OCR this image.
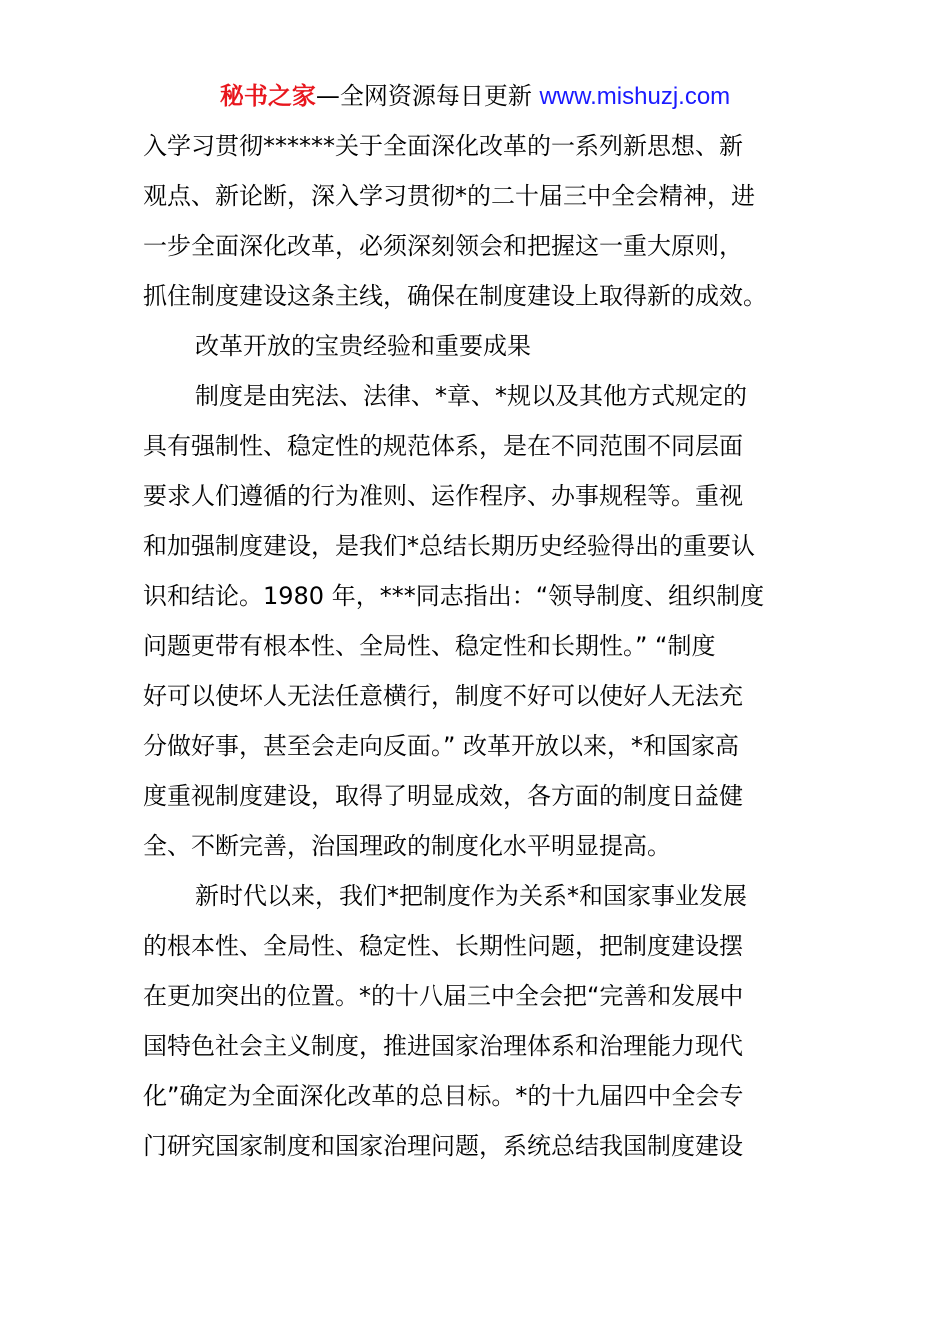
秘书之家—全网资源每日更新 www.mishuzj.com
入学习贯彻******关于全面深化改革的一系列新思想、新
观点、新论断，深入学习贯彻*的二十届三中全会精神，进
一步全面深化改革，必须深刻领会和把握这一重大原则，
抓住制度建设这条主线，确保在制度建设上取得新的成效。
改革开放的宝贵经验和重要成果
制度是由宪法、法律、*章、*规以及其他方式规定的
具有强制性、稳定性的规范体系，是在不同范围不同层面
要求人们遵循的行为准则、运作程序、办事规程等。重视
和加强制度建设，是我们*总结长期历史经验得出的重要认
识和结论。1980 年，***同志指出：“领导制度、组织制度
问题更带有根本性、全局性、稳定性和长期性。” “制度
好可以使坏人无法任意横行，制度不好可以使好人无法充
分做好事，甚至会走向反面。” 改革开放以来，*和国家高
度重视制度建设，取得了明显成效，各方面的制度日益健
全、不断完善，治国理政的制度化水平明显提高。
新时代以来，我们*把制度作为关系*和国家事业发展
的根本性、全局性、稳定性、长期性问题，把制度建设摆
在更加突出的位置。*的十八届三中全会把“完善和发展中
国特色社会主义制度，推进国家治理体系和治理能力现代
化”确定为全面深化改革的总目标。*的十九届四中全会专
门研究国家制度和国家治理问题，系统总结我国制度建设
